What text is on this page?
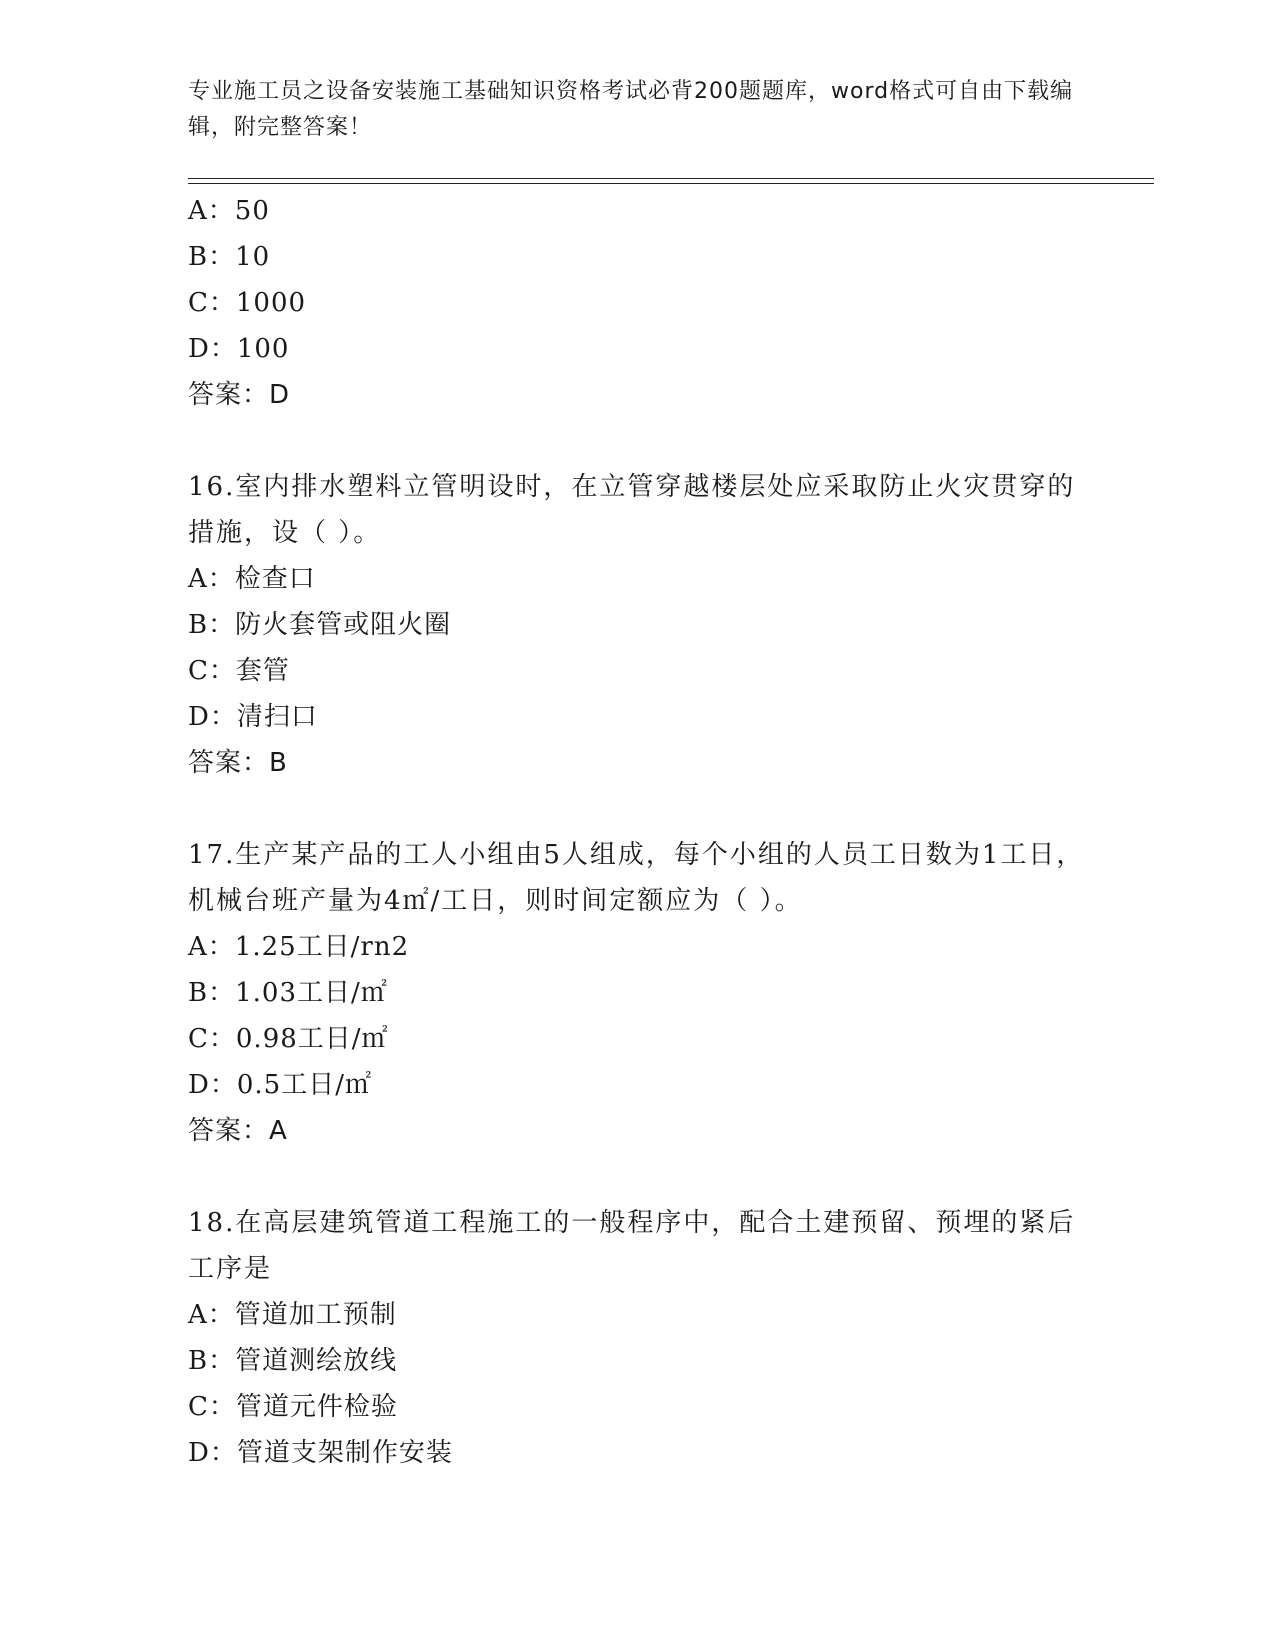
专业施工员之设备安装施工基础知识资格考试必背200题题库，word格式可自由下载编辑，附完整答案！
A：50
B：10
C：1000
D：100
答案：D
16.室内排水塑料立管明设时，在立管穿越楼层处应采取防止火灾贯穿的措施，设（ ）。
A：检查口
B：防火套管或阻火圈
C：套管
D：清扫口
答案：B
17.生产某产品的工人小组由5人组成，每个小组的人员工日数为1工日，机械台班产量为4㎡/工日，则时间定额应为（ ）。
A：1.25工日/rn2
B：1.03工日/㎡
C：0.98工日/㎡
D：0.5工日/㎡
答案：A
18.在高层建筑管道工程施工的一般程序中，配合土建预留、预埋的紧后工序是
A：管道加工预制
B：管道测绘放线
C：管道元件检验
D：管道支架制作安装
